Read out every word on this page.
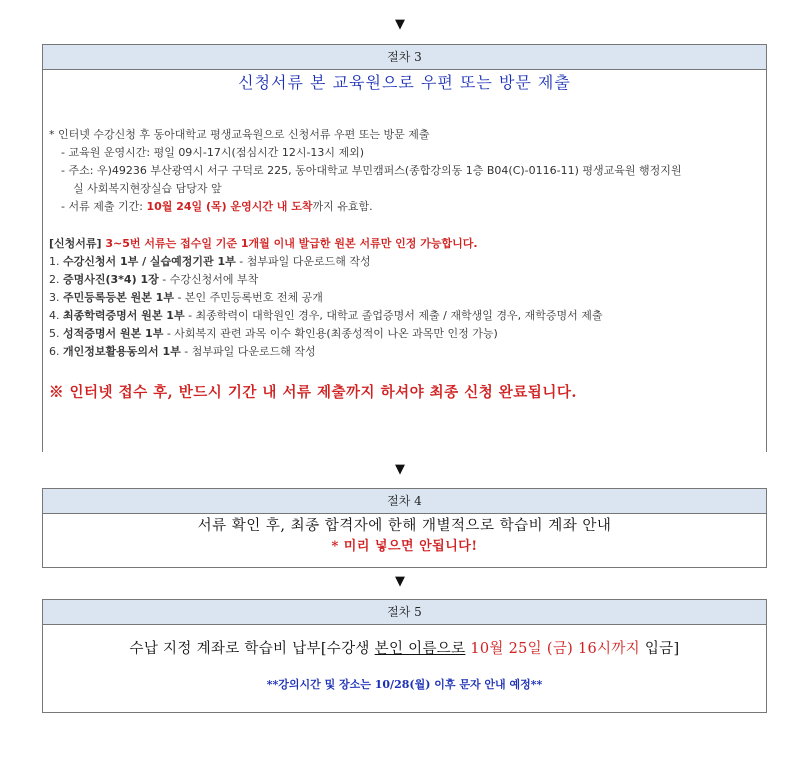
▼
절차 3
신청서류 본 교육원으로 우편 또는 방문 제출
* 인터넷 수강신청 후 동아대학교 평생교육원으로 신청서류 우편 또는 방문 제출
- 교육원 운영시간: 평일 09시-17시(점심시간 12시-13시 제외)
- 주소: 우)49236 부산광역시 서구 구덕로 225, 동아대학교 부민캠퍼스(종합강의동 1층 B04(C)-0116-11) 평생교육원 행정지원
실 사회복지현장실습 담당자 앞
- 서류 제출 기간: 10월 24일 (목) 운영시간 내 도착까지 유효함.
[신청서류] 3~5번 서류는 접수일 기준 1개월 이내 발급한 원본 서류만 인정 가능합니다.
1. 수강신청서 1부 / 실습예정기관 1부 - 첨부파일 다운로드해 작성
2. 증명사진(3*4) 1장 - 수강신청서에 부착
3. 주민등록등본 원본 1부 - 본인 주민등록번호 전체 공개
4. 최종학력증명서 원본 1부 - 최종학력이 대학원인 경우, 대학교 졸업증명서 제출 / 재학생일 경우, 재학증명서 제출
5. 성적증명서 원본 1부 - 사회복지 관련 과목 이수 확인용(최종성적이 나온 과목만 인정 가능)
6. 개인정보활용동의서 1부 - 첨부파일 다운로드해 작성
※ 인터넷 접수 후, 반드시 기간 내 서류 제출까지 하셔야 최종 신청 완료됩니다.
▼
절차 4
서류 확인 후, 최종 합격자에 한해 개별적으로 학습비 계좌 안내
* 미리 넣으면 안됩니다!
▼
절차 5
수납 지정 계좌로 학습비 납부[수강생 본인 이름으로 10월 25일 (금) 16시까지 입금]
**강의시간 및 장소는 10/28(월) 이후 문자 안내 예정**
